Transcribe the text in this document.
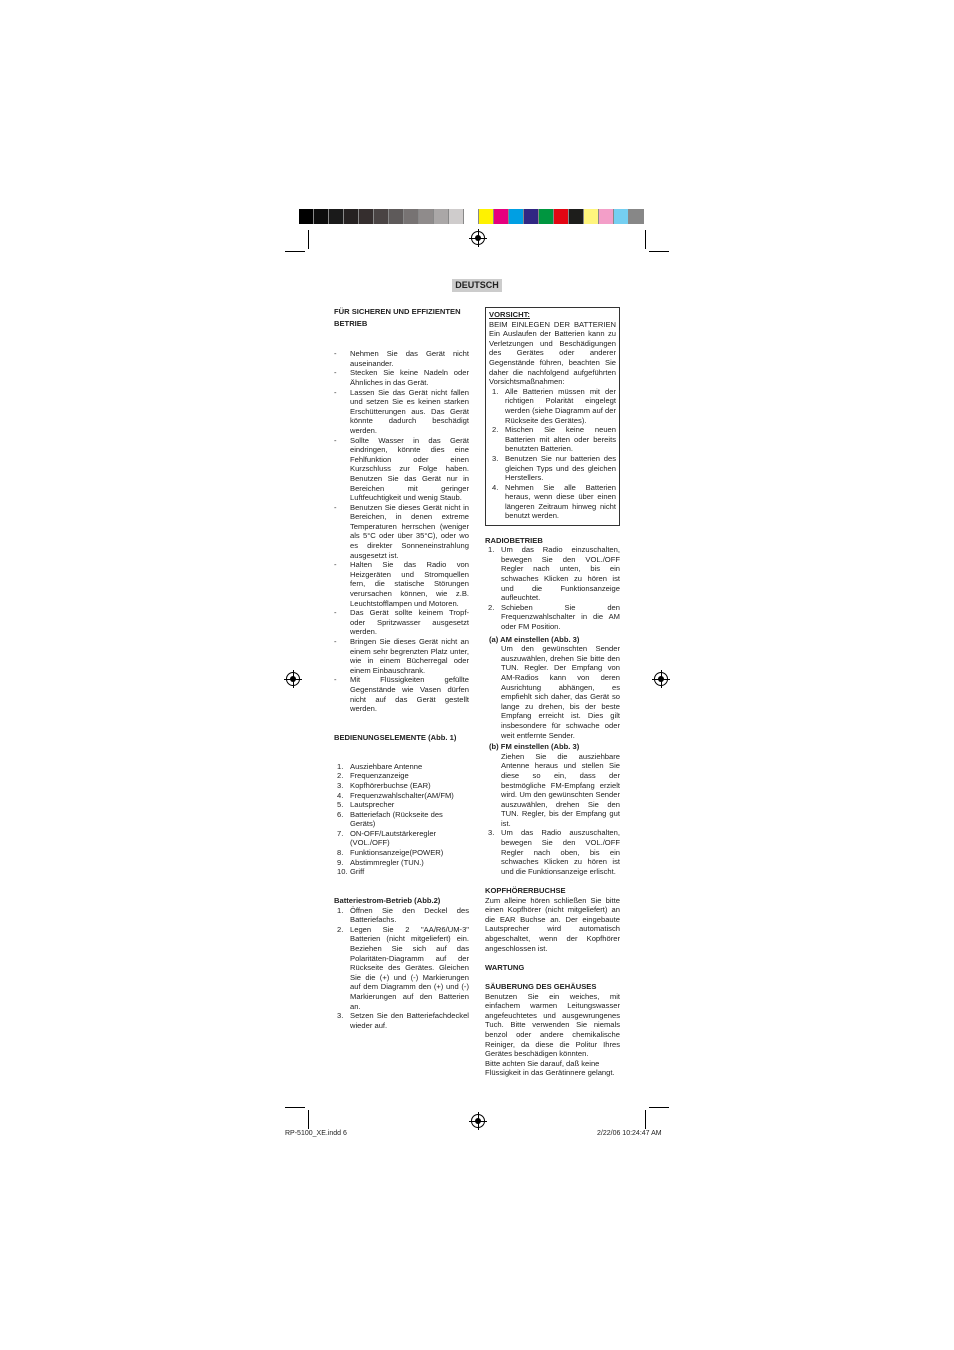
DEUTSCH
FÜR SICHEREN UND EFFIZIENTEN BETRIEB
- Nehmen Sie das Gerät nicht auseinander.
- Stecken Sie keine Nadeln oder Ähnliches in das Gerät.
- Lassen Sie das Gerät nicht fallen und setzen Sie es keinen starken Erschütterungen aus. Das Gerät könnte dadurch beschädigt werden.
- Sollte Wasser in das Gerät eindringen, könnte dies eine Fehlfunktion oder einen Kurzschluss zur Folge haben. Benutzen Sie das Gerät nur in Bereichen mit geringer Luftfeuchtigkeit und wenig Staub.
- Benutzen Sie dieses Gerät nicht in Bereichen, in denen extreme Temperaturen herrschen (weniger als 5°C oder über 35°C), oder wo es direkter Sonneneinstrahlung ausgesetzt ist.
- Halten Sie das Radio von Heizgeräten und Stromquellen fern, die statische Störungen verursachen können, wie z.B. Leuchtstofflampen und Motoren.
- Das Gerät sollte keinem Tropf- oder Spritzwasser ausgesetzt werden.
- Bringen Sie dieses Gerät nicht an einem sehr begrenzten Platz unter, wie in einem Bücherregal oder einem Einbauschrank.
- Mit Flüssigkeiten gefüllte Gegenstände wie Vasen dürfen nicht auf das Gerät gestellt werden.
BEDIENUNGSELEMENTE (Abb. 1)
1. Ausziehbare Antenne
2. Frequenzanzeige
3. Kopfhörerbuchse (EAR)
4. Frequenzwahlschalter(AM/FM)
5. Lautsprecher
6. Batteriefach (Rückseite des Geräts)
7. ON-OFF/Lautstärkeregler (VOL./OFF)
8. Funktionsanzeige(POWER)
9. Abstimmregler (TUN.)
10. Griff
Batteriestrom-Betrieb (Abb.2)
1. Öffnen Sie den Deckel des Batteriefachs.
2. Legen Sie 2 "AA/R6/UM-3" Batterien (nicht mitgeliefert) ein. Beziehen Sie sich auf das Polaritäten-Diagramm auf der Rückseite des Gerätes. Gleichen Sie die (+) und (-) Markierungen auf dem Diagramm den (+) und (-) Markierungen auf den Batterien an.
3. Setzen Sie den Batteriefachdeckel wieder auf.
VORSICHT:
BEIM EINLEGEN DER BATTERIEN Ein Auslaufen der Batterien kann zu Verletzungen und Beschädigungen des Gerätes oder anderer Gegenstände führen, beachten Sie daher die nachfolgend aufgeführten Vorsichtsmaßnahmen:
1. Alle Batterien müssen mit der richtigen Polarität eingelegt werden (siehe Diagramm auf der Rückseite des Gerätes).
2. Mischen Sie keine neuen Batterien mit alten oder bereits benutzten Batterien.
3. Benutzen Sie nur batterien des gleichen Typs und des gleichen Herstellers.
4. Nehmen Sie alle Batterien heraus, wenn diese über einen längeren Zeitraum hinweg nicht benutzt werden.
RADIOBETRIEB
1. Um das Radio einzuschalten, bewegen Sie den VOL./OFF Regler nach unten, bis ein schwaches Klicken zu hören ist und die Funktionsanzeige aufleuchtet.
2. Schieben Sie den Frequenzwahlschalter in die AM oder FM Position.
(a) AM einstellen (Abb. 3)
Um den gewünschten Sender auszuwählen, drehen Sie bitte den TUN. Regler. Der Empfang von AM-Radios kann von deren Ausrichtung abhängen, es empfiehlt sich daher, das Gerät so lange zu drehen, bis der beste Empfang erreicht ist. Dies gilt insbesondere für schwache oder weit entfernte Sender.
(b) FM einstellen (Abb. 3)
Ziehen Sie die ausziehbare Antenne heraus und stellen Sie diese so ein, dass der bestmögliche FM-Empfang erzielt wird. Um den gewünschten Sender auszuwählen, drehen Sie den TUN. Regler, bis der Empfang gut ist.
3. Um das Radio auszuschalten, bewegen Sie den VOL./OFF Regler nach oben, bis ein schwaches Klicken zu hören ist und die Funktionsanzeige erlischt.
KOPFHÖRERBUCHSE
Zum alleine hören schließen Sie bitte einen Kopfhörer (nicht mitgeliefert) an die EAR Buchse an. Der eingebaute Lautsprecher wird automatisch abgeschaltet, wenn der Kopfhörer angeschlossen ist.
WARTUNG
SÄUBERUNG DES GEHÄUSES
Benutzen Sie ein weiches, mit einfachem warmen Leitungswasser angefeuchtetes und ausgewrungenes Tuch. Bitte verwenden Sie niemals benzol oder andere chemikalische Reiniger, da diese die Politur Ihres Gerätes beschädigen könnten.
Bitte achten Sie darauf, daß keine Flüssigkeit in das Gerätinnere gelangt.
RP-5100_XE.indd 6	2/22/06 10:24:47 AM
